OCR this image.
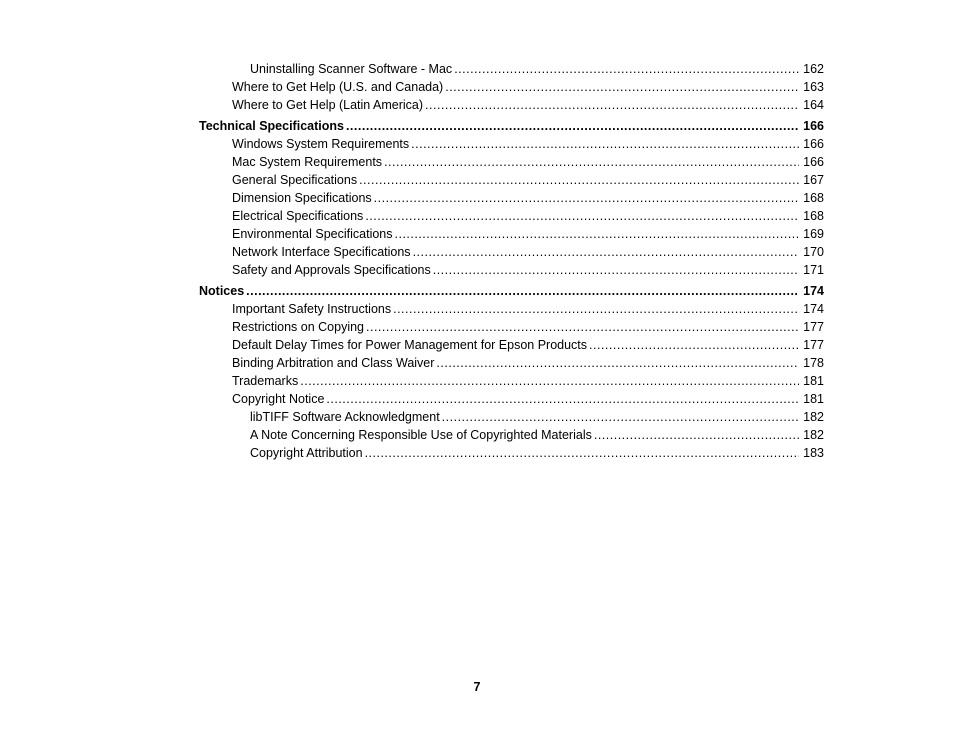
Uninstalling Scanner Software - Mac .....	162
Where to Get Help (U.S. and Canada) .....	163
Where to Get Help (Latin America) .....	164
Technical Specifications .....	166
Windows System Requirements .....	166
Mac System Requirements .....	166
General Specifications .....	167
Dimension Specifications .....	168
Electrical Specifications .....	168
Environmental Specifications .....	169
Network Interface Specifications .....	170
Safety and Approvals Specifications .....	171
Notices .....	174
Important Safety Instructions .....	174
Restrictions on Copying .....	177
Default Delay Times for Power Management for Epson Products .....	177
Binding Arbitration and Class Waiver .....	178
Trademarks .....	181
Copyright Notice .....	181
libTIFF Software Acknowledgment .....	182
A Note Concerning Responsible Use of Copyrighted Materials .....	182
Copyright Attribution .....	183
7
